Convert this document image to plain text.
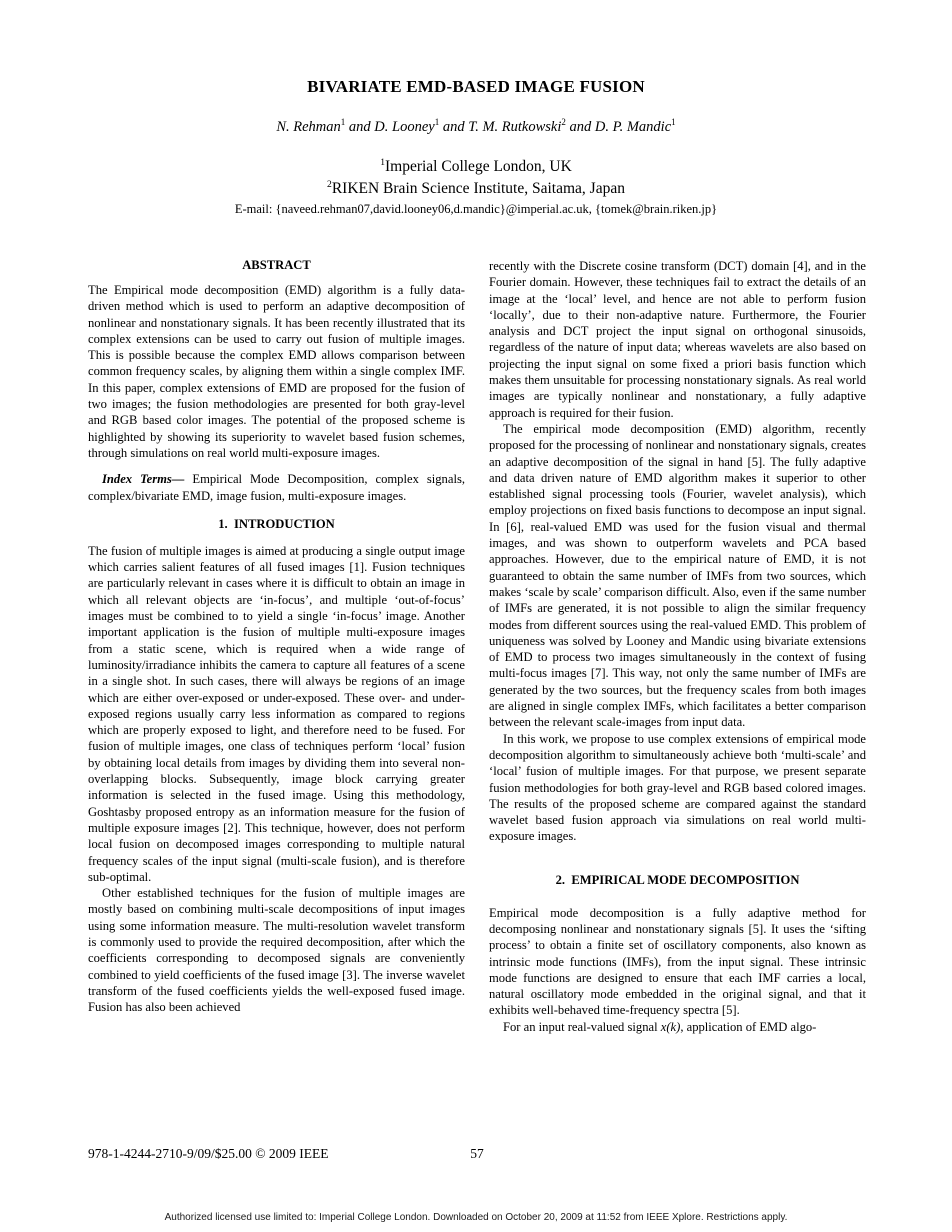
BIVARIATE EMD-BASED IMAGE FUSION
N. Rehman$^1$ and D. Looney$^1$ and T. M. Rutkowski$^2$ and D. P. Mandic$^1$
$^1$Imperial College London, UK
$^2$RIKEN Brain Science Institute, Saitama, Japan
E-mail: {naveed.rehman07,david.looney06,d.mandic}@imperial.ac.uk, {tomek@brain.riken.jp}
ABSTRACT

The Empirical mode decomposition (EMD) algorithm is a fully data-driven method which is used to perform an adaptive decomposition of nonlinear and nonstationary signals. It has been recently illustrated that its complex extensions can be used to carry out fusion of multiple images. This is possible because the complex EMD allows comparison between common frequency scales, by aligning them within a single complex IMF. In this paper, complex extensions of EMD are proposed for the fusion of two images; the fusion methodologies are presented for both gray-level and RGB based color images. The potential of the proposed scheme is highlighted by showing its superiority to wavelet based fusion schemes, through simulations on real world multi-exposure images.

Index Terms— Empirical Mode Decomposition, complex signals, complex/bivariate EMD, image fusion, multi-exposure images.

1.  INTRODUCTION

The fusion of multiple images is aimed at producing a single output image which carries salient features of all fused images [1]. Fusion techniques are particularly relevant in cases where it is difficult to obtain an image in which all relevant objects are ‘in-focus’, and multiple ‘out-of-focus’ images must be combined to to yield a single ‘in-focus’ image. Another important application is the fusion of multiple multi-exposure images from a static scene, which is required when a wide range of luminosity/irradiance inhibits the camera to capture all features of a scene in a single shot. In such cases, there will always be regions of an image which are either over-exposed or under-exposed. These over- and under-exposed regions usually carry less information as compared to regions which are properly exposed to light, and therefore need to be fused. For fusion of multiple images, one class of techniques perform ‘local’ fusion by obtaining local details from images by dividing them into several non-overlapping blocks. Subsequently, image block carrying greater information is selected in the fused image. Using this methodology, Goshtasby proposed entropy as an information measure for the fusion of multiple exposure images [2]. This technique, however, does not perform local fusion on decomposed images corresponding to multiple natural frequency scales of the input signal (multi-scale fusion), and is therefore sub-optimal.

Other established techniques for the fusion of multiple images are mostly based on combining multi-scale decompositions of input images using some information measure. The multi-resolution wavelet transform is commonly used to provide the required decomposition, after which the coefficients corresponding to decomposed signals are conveniently combined to yield coefficients of the fused image [3]. The inverse wavelet transform of the fused coefficients yields the well-exposed fused image. Fusion has also been achieved

recently with the Discrete cosine transform (DCT) domain [4], and in the Fourier domain. However, these techniques fail to extract the details of an image at the ‘local’ level, and hence are not able to perform fusion ‘locally’, due to their non-adaptive nature. Furthermore, the Fourier analysis and DCT project the input signal on orthogonal sinusoids, regardless of the nature of input data; whereas wavelets are also based on projecting the input signal on some fixed a priori basis function which makes them unsuitable for processing nonstationary signals. As real world images are typically nonlinear and nonstationary, a fully adaptive approach is required for their fusion.

The empirical mode decomposition (EMD) algorithm, recently proposed for the processing of nonlinear and nonstationary signals, creates an adaptive decomposition of the signal in hand [5]. The fully adaptive and data driven nature of EMD algorithm makes it superior to other established signal processing tools (Fourier, wavelet analysis), which employ projections on fixed basis functions to decompose an input signal. In [6], real-valued EMD was used for the fusion visual and thermal images, and was shown to outperform wavelets and PCA based approaches. However, due to the empirical nature of EMD, it is not guaranteed to obtain the same number of IMFs from two sources, which makes ‘scale by scale’ comparison difficult. Also, even if the same number of IMFs are generated, it is not possible to align the similar frequency modes from different sources using the real-valued EMD. This problem of uniqueness was solved by Looney and Mandic using bivariate extensions of EMD to process two images simultaneously in the context of fusing multi-focus images [7]. This way, not only the same number of IMFs are generated by the two sources, but the frequency scales from both images are aligned in single complex IMFs, which facilitates a better comparison between the relevant scale-images from input data.

In this work, we propose to use complex extensions of empirical mode decomposition algorithm to simultaneously achieve both ‘multi-scale’ and ‘local’ fusion of multiple images. For that purpose, we present separate fusion methodologies for both gray-level and RGB based colored images. The results of the proposed scheme are compared against the standard wavelet based fusion approach via simulations on real world multi-exposure images.

2.  EMPIRICAL MODE DECOMPOSITION

Empirical mode decomposition is a fully adaptive method for decomposing nonlinear and nonstationary signals [5]. It uses the ‘sifting process’ to obtain a finite set of oscillatory components, also known as intrinsic mode functions (IMFs), from the input signal. These intrinsic mode functions are designed to ensure that each IMF carries a local, natural oscillatory mode embedded in the original signal, and that it exhibits well-behaved time-frequency spectra [5].

For an input real-valued signal x(k), application of EMD algo-

978-1-4244-2710-9/09/$25.00 © 2009 IEEE	57
Authorized licensed use limited to: Imperial College London. Downloaded on October 20, 2009 at 11:52 from IEEE Xplore. Restrictions apply.
